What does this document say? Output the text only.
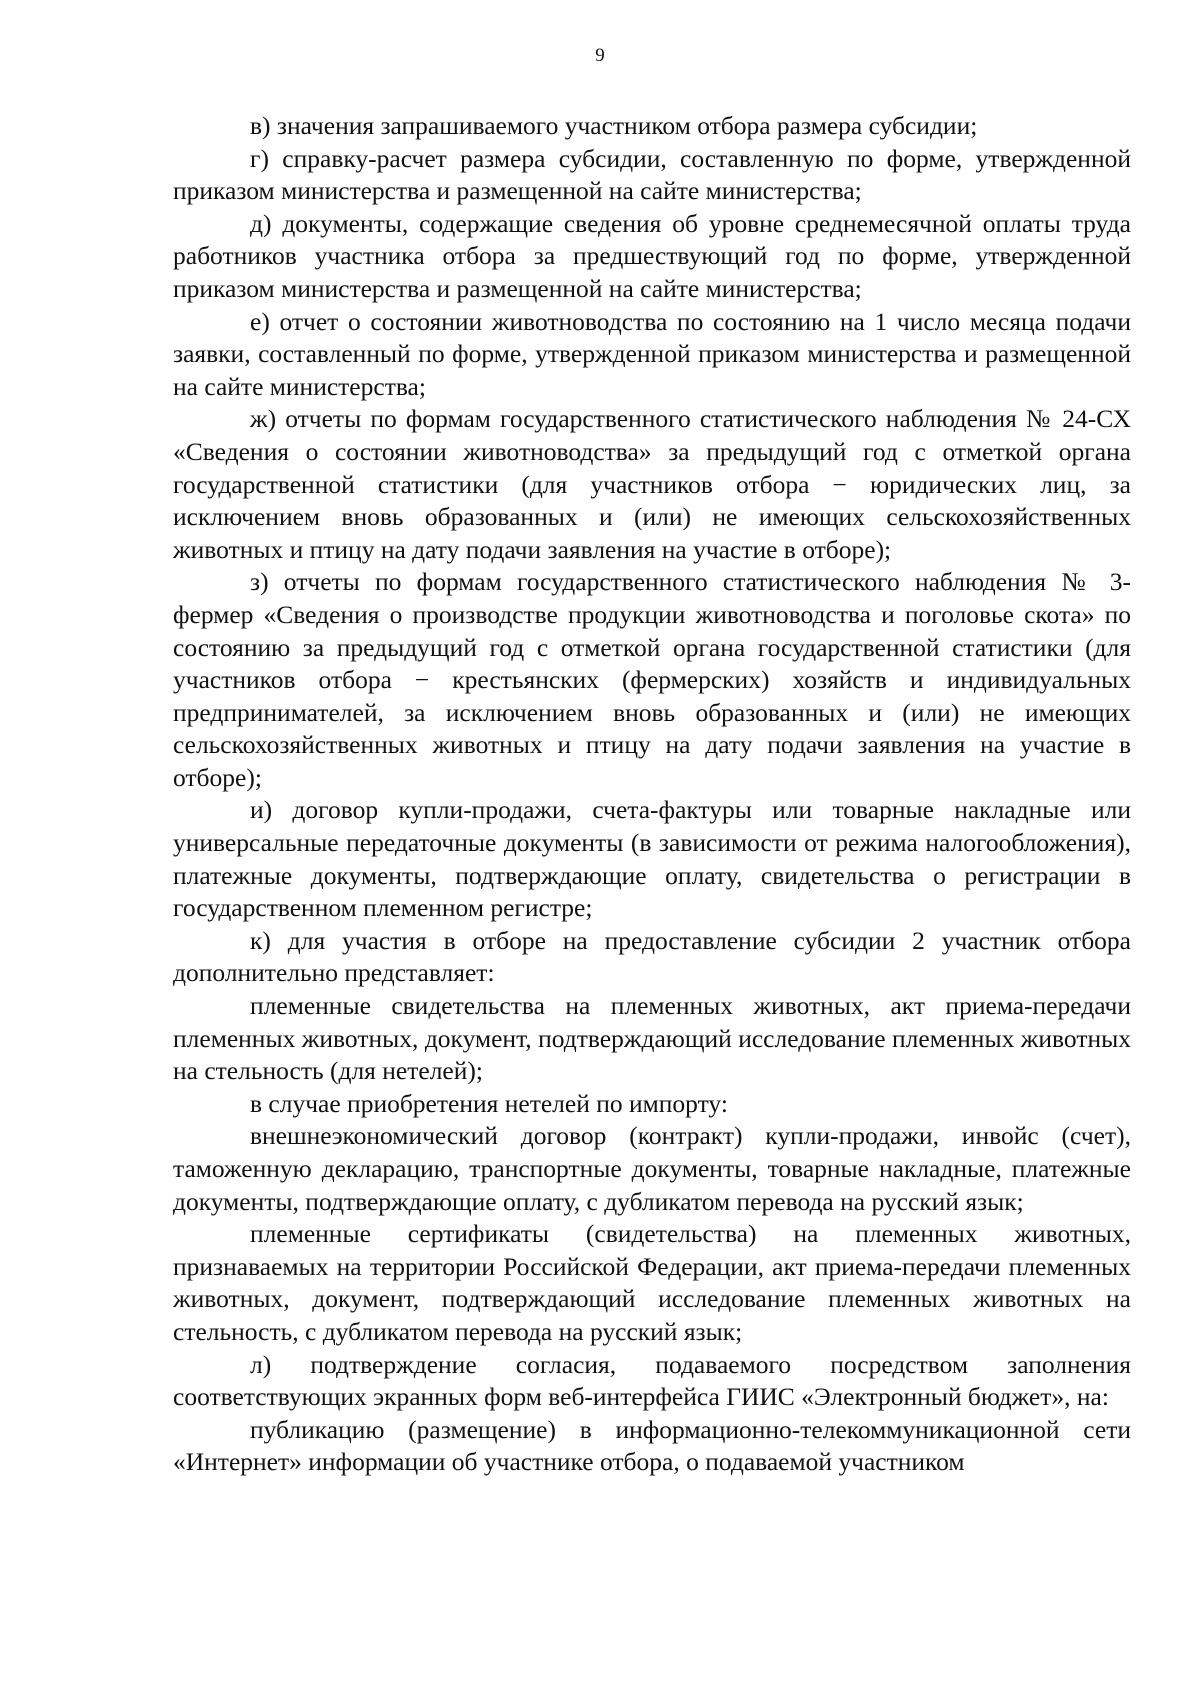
9

в) значения запрашиваемого участником отбора размера субсидии;

г) справку-расчет размера субсидии, составленную по форме, утвержденной приказом министерства и размещенной на сайте министерства;

д) документы, содержащие сведения об уровне среднемесячной оплаты труда работников участника отбора за предшествующий год по форме, утвержденной приказом министерства и размещенной на сайте министерства;

е) отчет о состоянии животноводства по состоянию на 1 число месяца подачи заявки, составленный по форме, утвержденной приказом министерства и размещенной на сайте министерства;

ж) отчеты по формам государственного статистического наблюдения № 24-СХ «Сведения о состоянии животноводства» за предыдущий год с отметкой органа государственной статистики (для участников отбора − юридических лиц, за исключением вновь образованных и (или) не имеющих сельскохозяйственных животных и птицу на дату подачи заявления на участие в отборе);

з) отчеты по формам государственного статистического наблюдения № 3-фермер «Сведения о производстве продукции животноводства и поголовье скота» по состоянию за предыдущий год с отметкой органа государственной статистики (для участников отбора − крестьянских (фермерских) хозяйств и индивидуальных предпринимателей, за исключением вновь образованных и (или) не имеющих сельскохозяйственных животных и птицу на дату подачи заявления на участие в отборе);

и) договор купли-продажи, счета-фактуры или товарные накладные или универсальные передаточные документы (в зависимости от режима налогообложения), платежные документы, подтверждающие оплату, свидетельства о регистрации в государственном племенном регистре;

к) для участия в отборе на предоставление субсидии 2 участник отбора дополнительно представляет:

племенные свидетельства на племенных животных, акт приема-передачи племенных животных, документ, подтверждающий исследование племенных животных на стельность (для нетелей);

в случае приобретения нетелей по импорту:

внешнеэкономический договор (контракт) купли-продажи, инвойс (счет), таможенную декларацию, транспортные документы, товарные накладные, платежные документы, подтверждающие оплату, с дубликатом перевода на русский язык;

племенные сертификаты (свидетельства) на племенных животных, признаваемых на территории Российской Федерации, акт приема-передачи племенных животных, документ, подтверждающий исследование племенных животных на стельность, с дубликатом перевода на русский язык;

л) подтверждение согласия, подаваемого посредством заполнения соответствующих экранных форм веб-интерфейса ГИИС «Электронный бюджет», на:

публикацию (размещение) в информационно-телекоммуникационной сети «Интернет» информации об участнике отбора, о подаваемой участником
